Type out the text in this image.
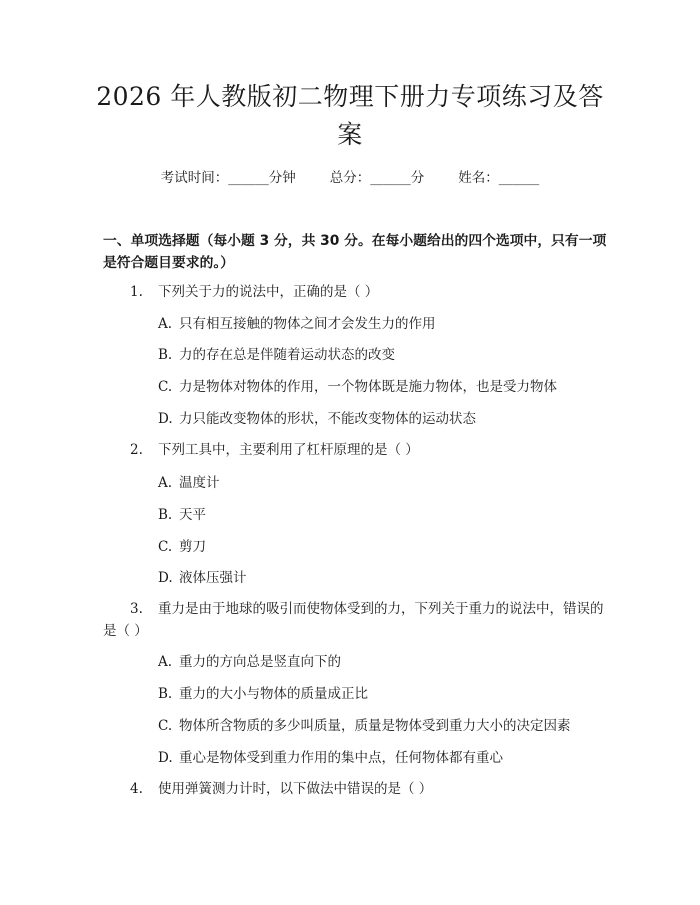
2026 年人教版初二物理下册力专项练习及答案
考试时间：______分钟	总分：______分	姓名：______
一、单项选择题（每小题 3 分，共 30 分。在每小题给出的四个选项中，只有一项是符合题目要求的。）
1. 下列关于力的说法中，正确的是（ ）
A. 只有相互接触的物体之间才会发生力的作用
B. 力的存在总是伴随着运动状态的改变
C. 力是物体对物体的作用，一个物体既是施力物体，也是受力物体
D. 力只能改变物体的形状，不能改变物体的运动状态
2. 下列工具中，主要利用了杠杆原理的是（ ）
A. 温度计
B. 天平
C. 剪刀
D. 液体压强计
3. 重力是由于地球的吸引而使物体受到的力，下列关于重力的说法中，错误的是（ ）
A. 重力的方向总是竖直向下的
B. 重力的大小与物体的质量成正比
C. 物体所含物质的多少叫质量，质量是物体受到重力大小的决定因素
D. 重心是物体受到重力作用的集中点，任何物体都有重心
4. 使用弹簧测力计时，以下做法中错误的是（ ）
